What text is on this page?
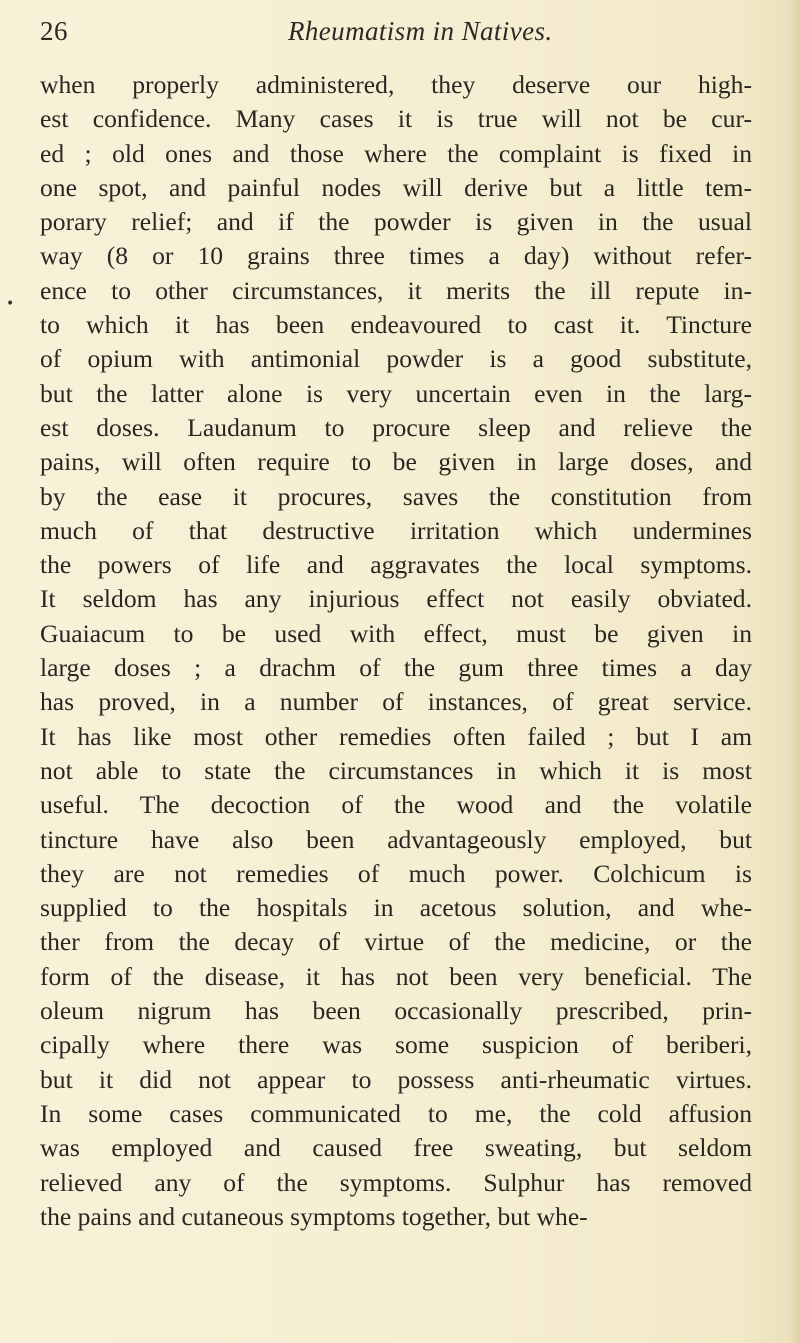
26	Rheumatism in Natives.
•
when properly administered, they deserve our high-
est confidence. Many cases it is true will not be cur-
ed ; old ones and those where the complaint is fixed in
one spot, and painful nodes will derive but a little tem-
porary relief; and if the powder is given in the usual
way (8 or 10 grains three times a day) without refer-
ence to other circumstances, it merits the ill repute in-
to which it has been endeavoured to cast it. Tincture
of opium with antimonial powder is a good substitute,
but the latter alone is very uncertain even in the larg-
est doses. Laudanum to procure sleep and relieve the
pains, will often require to be given in large doses, and
by the ease it procures, saves the constitution from
much of that destructive irritation which undermines
the powers of life and aggravates the local symptoms.
It seldom has any injurious effect not easily obviated.
Guaiacum to be used with effect, must be given in
large doses ; a drachm of the gum three times a day
has proved, in a number of instances, of great service.
It has like most other remedies often failed ; but I am
not able to state the circumstances in which it is most
useful. The decoction of the wood and the volatile
tincture have also been advantageously employed, but
they are not remedies of much power. Colchicum is
supplied to the hospitals in acetous solution, and whe-
ther from the decay of virtue of the medicine, or the
form of the disease, it has not been very beneficial. The
oleum nigrum has been occasionally prescribed, prin-
cipally where there was some suspicion of beriberi,
but it did not appear to possess anti-rheumatic virtues.
In some cases communicated to me, the cold affusion
was employed and caused free sweating, but seldom
relieved any of the symptoms. Sulphur has removed
the pains and cutaneous symptoms together, but whe-
